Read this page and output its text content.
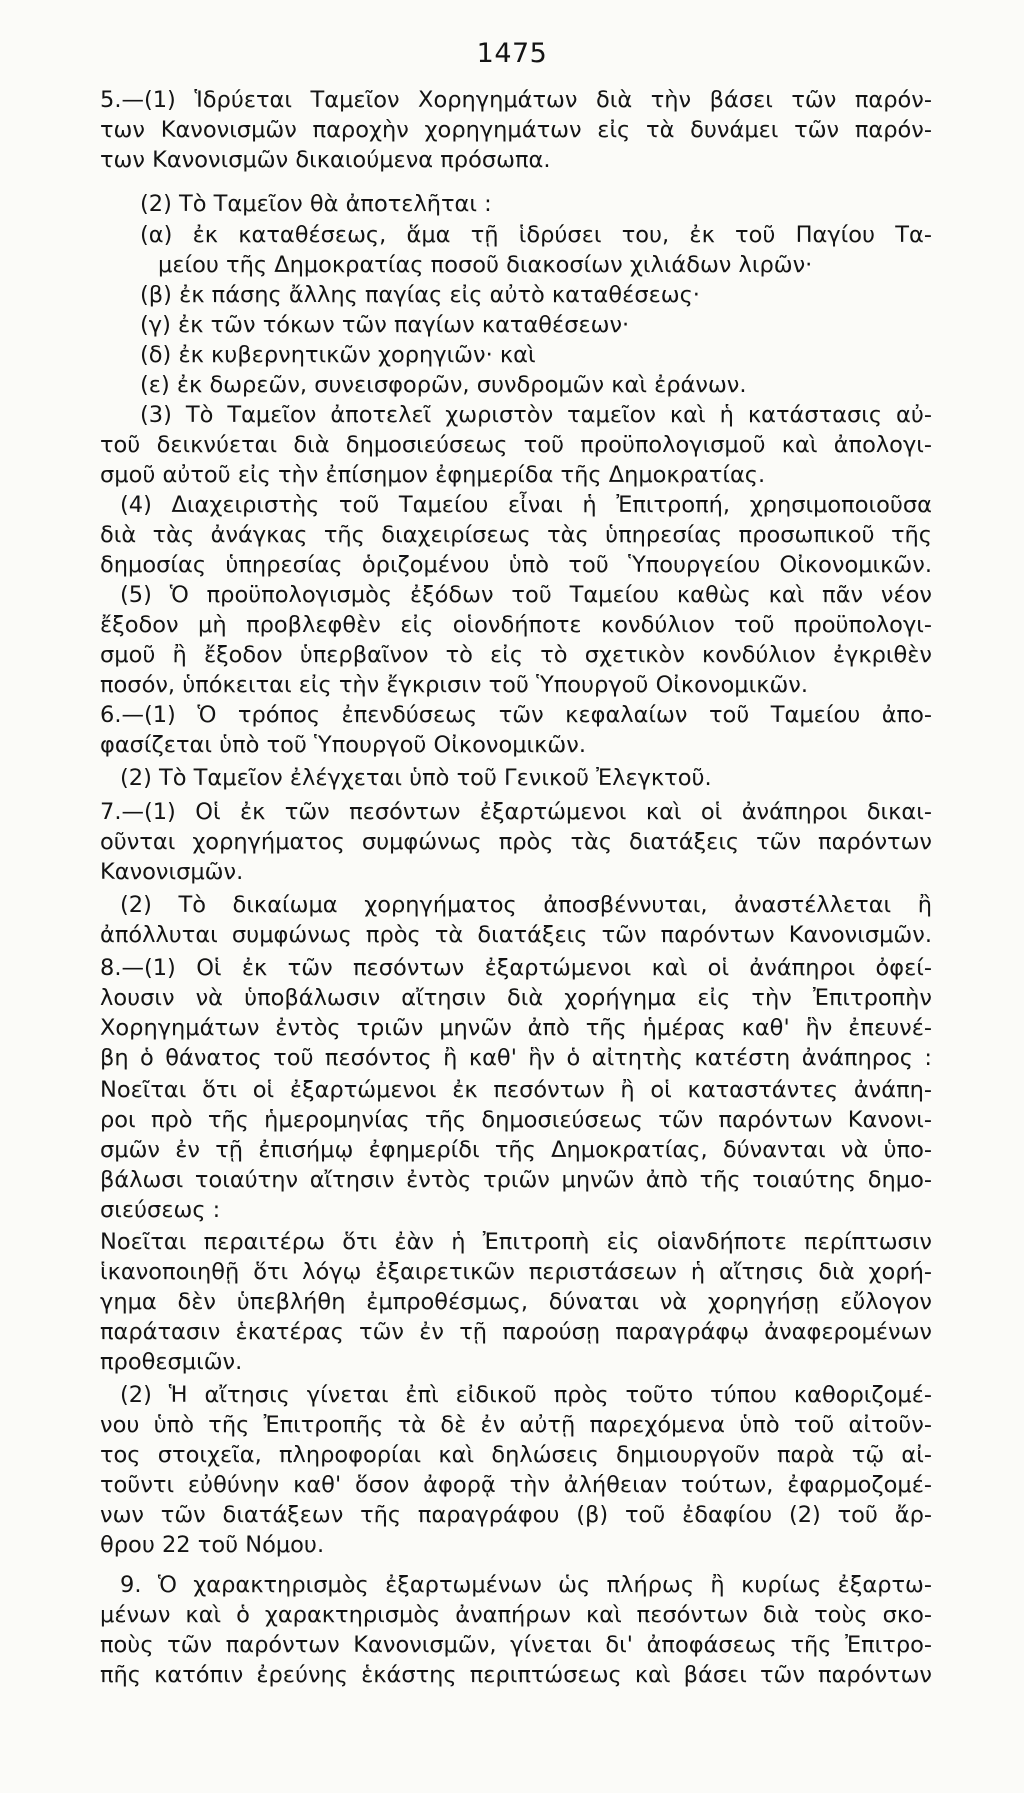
1475
5.—(1) Ἱδρύεται Ταμεῖον Χορηγημάτων διὰ τὴν βάσει τῶν παρόν-
των Κανονισμῶν παροχὴν χορηγημάτων εἰς τὰ δυνάμει τῶν παρόν-
των Κανονισμῶν δικαιούμενα πρόσωπα.
(2) Τὸ Ταμεῖον θὰ ἀποτελῆται :
(α) ἐκ καταθέσεως, ἅμα τῇ ἱδρύσει του, ἐκ τοῦ Παγίου Τα-
μείου τῆς Δημοκρατίας ποσοῦ διακοσίων χιλιάδων λιρῶν·
(β) ἐκ πάσης ἄλλης παγίας εἰς αὐτὸ καταθέσεως·
(γ) ἐκ τῶν τόκων τῶν παγίων καταθέσεων·
(δ) ἐκ κυβερνητικῶν χορηγιῶν· καὶ
(ε) ἐκ δωρεῶν, συνεισφορῶν, συνδρομῶν καὶ ἐράνων.
(3) Τὸ Ταμεῖον ἀποτελεῖ χωριστὸν ταμεῖον καὶ ἡ κατάστασις αὐ-
τοῦ δεικνύεται διὰ δημοσιεύσεως τοῦ προϋπολογισμοῦ καὶ ἀπολογι-
σμοῦ αὐτοῦ εἰς τὴν ἐπίσημον ἐφημερίδα τῆς Δημοκρατίας.
(4) Διαχειριστὴς τοῦ Ταμείου εἶναι ἡ Ἐπιτροπή, χρησιμοποιοῦσα
διὰ τὰς ἀνάγκας τῆς διαχειρίσεως τὰς ὑπηρεσίας προσωπικοῦ τῆς
δημοσίας ὑπηρεσίας ὁριζομένου ὑπὸ τοῦ Ὑπουργείου Οἰκονομικῶν.
(5) Ὁ προϋπολογισμὸς ἐξόδων τοῦ Ταμείου καθὼς καὶ πᾶν νέον
ἔξοδον μὴ προβλεφθὲν εἰς οἱονδήποτε κονδύλιον τοῦ προϋπολογι-
σμοῦ ἢ ἔξοδον ὑπερβαῖνον τὸ εἰς τὸ σχετικὸν κονδύλιον ἐγκριθὲν
ποσόν, ὑπόκειται εἰς τὴν ἔγκρισιν τοῦ Ὑπουργοῦ Οἰκονομικῶν.
6.—(1) Ὁ τρόπος ἐπενδύσεως τῶν κεφαλαίων τοῦ Ταμείου ἀπο-
φασίζεται ὑπὸ τοῦ Ὑπουργοῦ Οἰκονομικῶν.
(2) Τὸ Ταμεῖον ἐλέγχεται ὑπὸ τοῦ Γενικοῦ Ἐλεγκτοῦ.
7.—(1) Οἱ ἐκ τῶν πεσόντων ἐξαρτώμενοι καὶ οἱ ἀνάπηροι δικαι-
οῦνται χορηγήματος συμφώνως πρὸς τὰς διατάξεις τῶν παρόντων
Κανονισμῶν.
(2) Τὸ δικαίωμα χορηγήματος ἀποσβέννυται, ἀναστέλλεται ἢ
ἀπόλλυται συμφώνως πρὸς τὰ διατάξεις τῶν παρόντων Κανονισμῶν.
8.—(1) Οἱ ἐκ τῶν πεσόντων ἐξαρτώμενοι καὶ οἱ ἀνάπηροι ὀφεί-
λουσιν νὰ ὑποβάλωσιν αἴτησιν διὰ χορήγημα εἰς τὴν Ἐπιτροπὴν
Χορηγημάτων ἐντὸς τριῶν μηνῶν ἀπὸ τῆς ἡμέρας καθ' ἣν ἐπευνέ-
βη ὁ θάνατος τοῦ πεσόντος ἢ καθ' ἣν ὁ αἰτητὴς κατέστη ἀνάπηρος :
Νοεῖται ὅτι οἱ ἐξαρτώμενοι ἐκ πεσόντων ἢ οἱ καταστάντες ἀνάπη-
ροι πρὸ τῆς ἡμερομηνίας τῆς δημοσιεύσεως τῶν παρόντων Κανονι-
σμῶν ἐν τῇ ἐπισήμῳ ἐφημερίδι τῆς Δημοκρατίας, δύνανται νὰ ὑπο-
βάλωσι τοιαύτην αἴτησιν ἐντὸς τριῶν μηνῶν ἀπὸ τῆς τοιαύτης δημο-
σιεύσεως :
Νοεῖται περαιτέρω ὅτι ἐὰν ἡ Ἐπιτροπὴ εἰς οἱανδήποτε περίπτωσιν
ἱκανοποιηθῇ ὅτι λόγῳ ἐξαιρετικῶν περιστάσεων ἡ αἴτησις διὰ χορή-
γημα δὲν ὑπεβλήθη ἐμπροθέσμως, δύναται νὰ χορηγήσῃ εὔλογον
παράτασιν ἑκατέρας τῶν ἐν τῇ παρούσῃ παραγράφῳ ἀναφερομένων
προθεσμιῶν.
(2) Ἡ αἴτησις γίνεται ἐπὶ εἰδικοῦ πρὸς τοῦτο τύπου καθοριζομέ-
νου ὑπὸ τῆς Ἐπιτροπῆς τὰ δὲ ἐν αὐτῇ παρεχόμενα ὑπὸ τοῦ αἰτοῦν-
τος στοιχεῖα, πληροφορίαι καὶ δηλώσεις δημιουργοῦν παρὰ τῷ αἰ-
τοῦντι εὐθύνην καθ' ὅσον ἀφορᾷ τὴν ἀλήθειαν τούτων, ἐφαρμοζομέ-
νων τῶν διατάξεων τῆς παραγράφου (β) τοῦ ἐδαφίου (2) τοῦ ἄρ-
θρου 22 τοῦ Νόμου.
9. Ὁ χαρακτηρισμὸς ἐξαρτωμένων ὡς πλήρως ἢ κυρίως ἐξαρτω-
μένων καὶ ὁ χαρακτηρισμὸς ἀναπήρων καὶ πεσόντων διὰ τοὺς σκο-
ποὺς τῶν παρόντων Κανονισμῶν, γίνεται δι' ἀποφάσεως τῆς Ἐπιτρο-
πῆς κατόπιν ἐρεύνης ἑκάστης περιπτώσεως καὶ βάσει τῶν παρόντων
